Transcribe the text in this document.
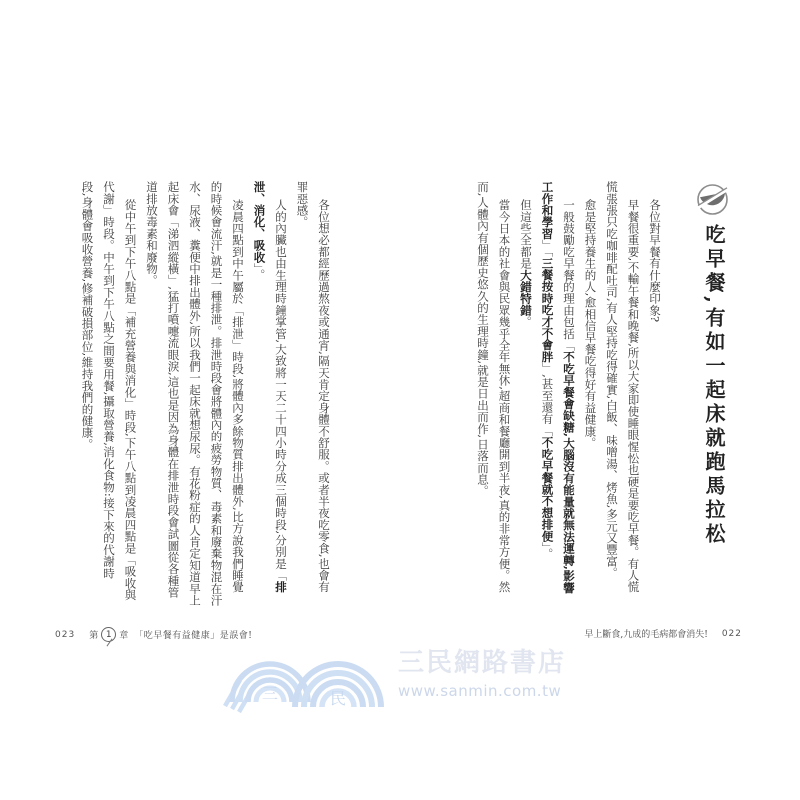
吃早餐,有如一起床就跑馬拉松
各位對早餐有什麼印象?
早餐很重要,不輸午餐和晚餐,所以大家即使睡眼惺忪也硬是要吃早餐。有人慌
慌張張只吃咖啡配吐司,有人堅持吃得確實,白飯、味噌湯、烤魚,多元又豐富。
愈是堅持養生的人,愈相信早餐吃得好有益健康。
一般鼓勵吃早餐的理由包括「不吃早餐會缺糖,大腦沒有能量就無法運轉,影響
工作和學習」「三餐按時吃才不會胖」,甚至還有「不吃早餐就不想排便」。
但這些全都是大錯特錯。
當今日本的社會與民眾幾乎全年無休,超商和餐廳開到半夜,真的非常方便。然
而,人體內有個歷史悠久的生理時鐘,就是日出而作,日落而息。
早上斷食,九成的毛病都會消失! 022
各位想必都經歷過熬夜或通宵,隔天肯定身體不舒服。或者半夜吃零食,也會有
罪惡感。
人的內臟也由生理時鐘掌管,大致將一天二十四小時分成三個時段,分別是「排
泄、消化、吸收」。
凌晨四點到中午屬於「排泄」時段,將體內多餘物質排出體外,比方說我們睡覺
的時候會流汗,就是一種排泄。排泄時段會將體內的疲勞物質、毒素和廢棄物混在汗
水、尿液、糞便中排出體外,所以我們一起床就想尿尿。有花粉症的人肯定知道早上
起床會「涕泗縱橫」,猛打噴嚏流眼淚,這也是因為身體在排泄時段會試圖從各種管
道排放毒素和廢物。
從中午到下午八點是「補充營養與消化」時段,下午八點到凌晨四點是「吸收與
代謝」時段。中午到下午八點之間要用餐,攝取營養,消化食物:接下來的代謝時
段,身體會吸收營養,修補破損部位,維持我們的健康。
023 第 1 章 「吃早餐有益健康」是誤會!
三	民
三民網路書店
www.sanmin.com.tw
